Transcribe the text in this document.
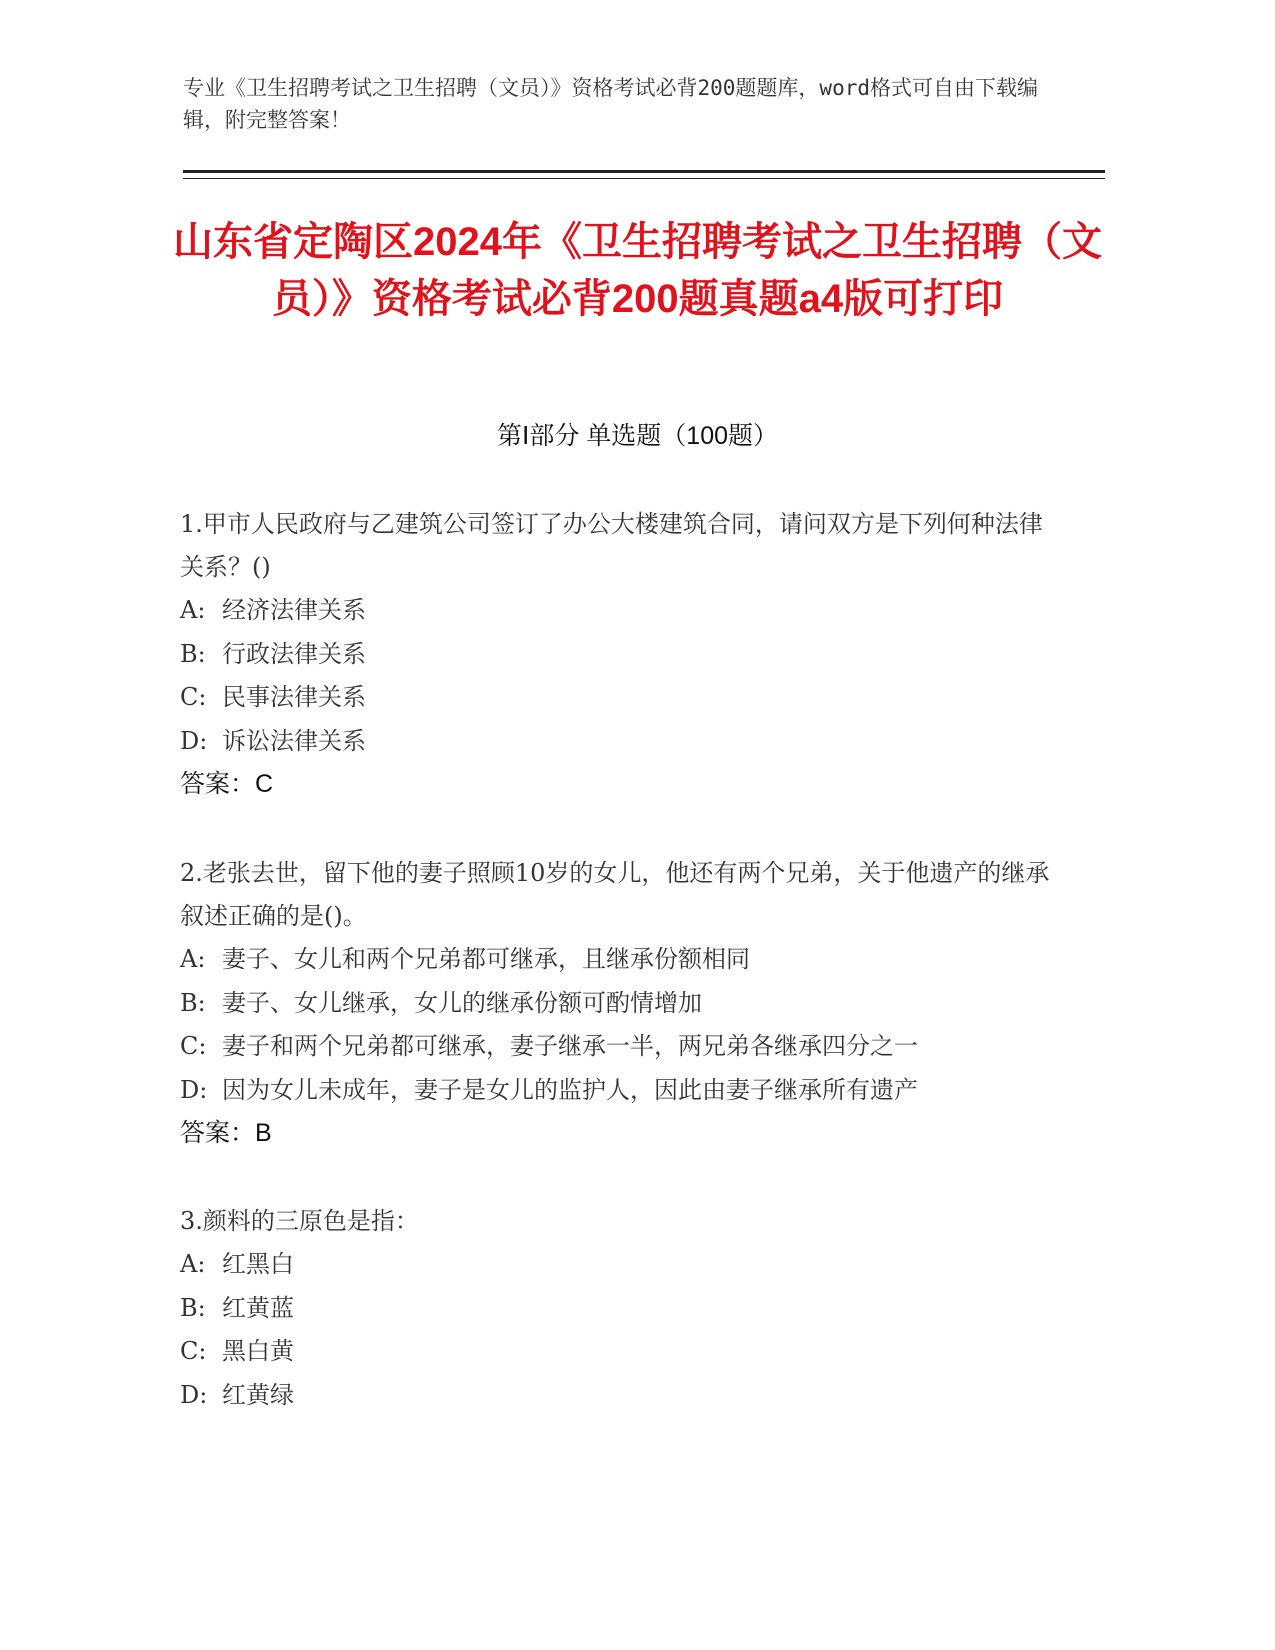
专业《卫生招聘考试之卫生招聘（文员）》资格考试必背200题题库，word格式可自由下载编辑，附完整答案！
山东省定陶区2024年《卫生招聘考试之卫生招聘（文员）》资格考试必背200题真题a4版可打印
第Ⅰ部分 单选题（100题）
1.甲市人民政府与乙建筑公司签订了办公大楼建筑合同，请问双方是下列何种法律关系？()
A: 经济法律关系
B: 行政法律关系
C: 民事法律关系
D: 诉讼法律关系
答案：C
2.老张去世，留下他的妻子照顾10岁的女儿，他还有两个兄弟，关于他遗产的继承叙述正确的是()。
A: 妻子、女儿和两个兄弟都可继承，且继承份额相同
B: 妻子、女儿继承，女儿的继承份额可酌情增加
C: 妻子和两个兄弟都可继承，妻子继承一半，两兄弟各继承四分之一
D: 因为女儿未成年，妻子是女儿的监护人，因此由妻子继承所有遗产
答案：B
3.颜料的三原色是指：
A: 红黑白
B: 红黄蓝
C: 黑白黄
D: 红黄绿
